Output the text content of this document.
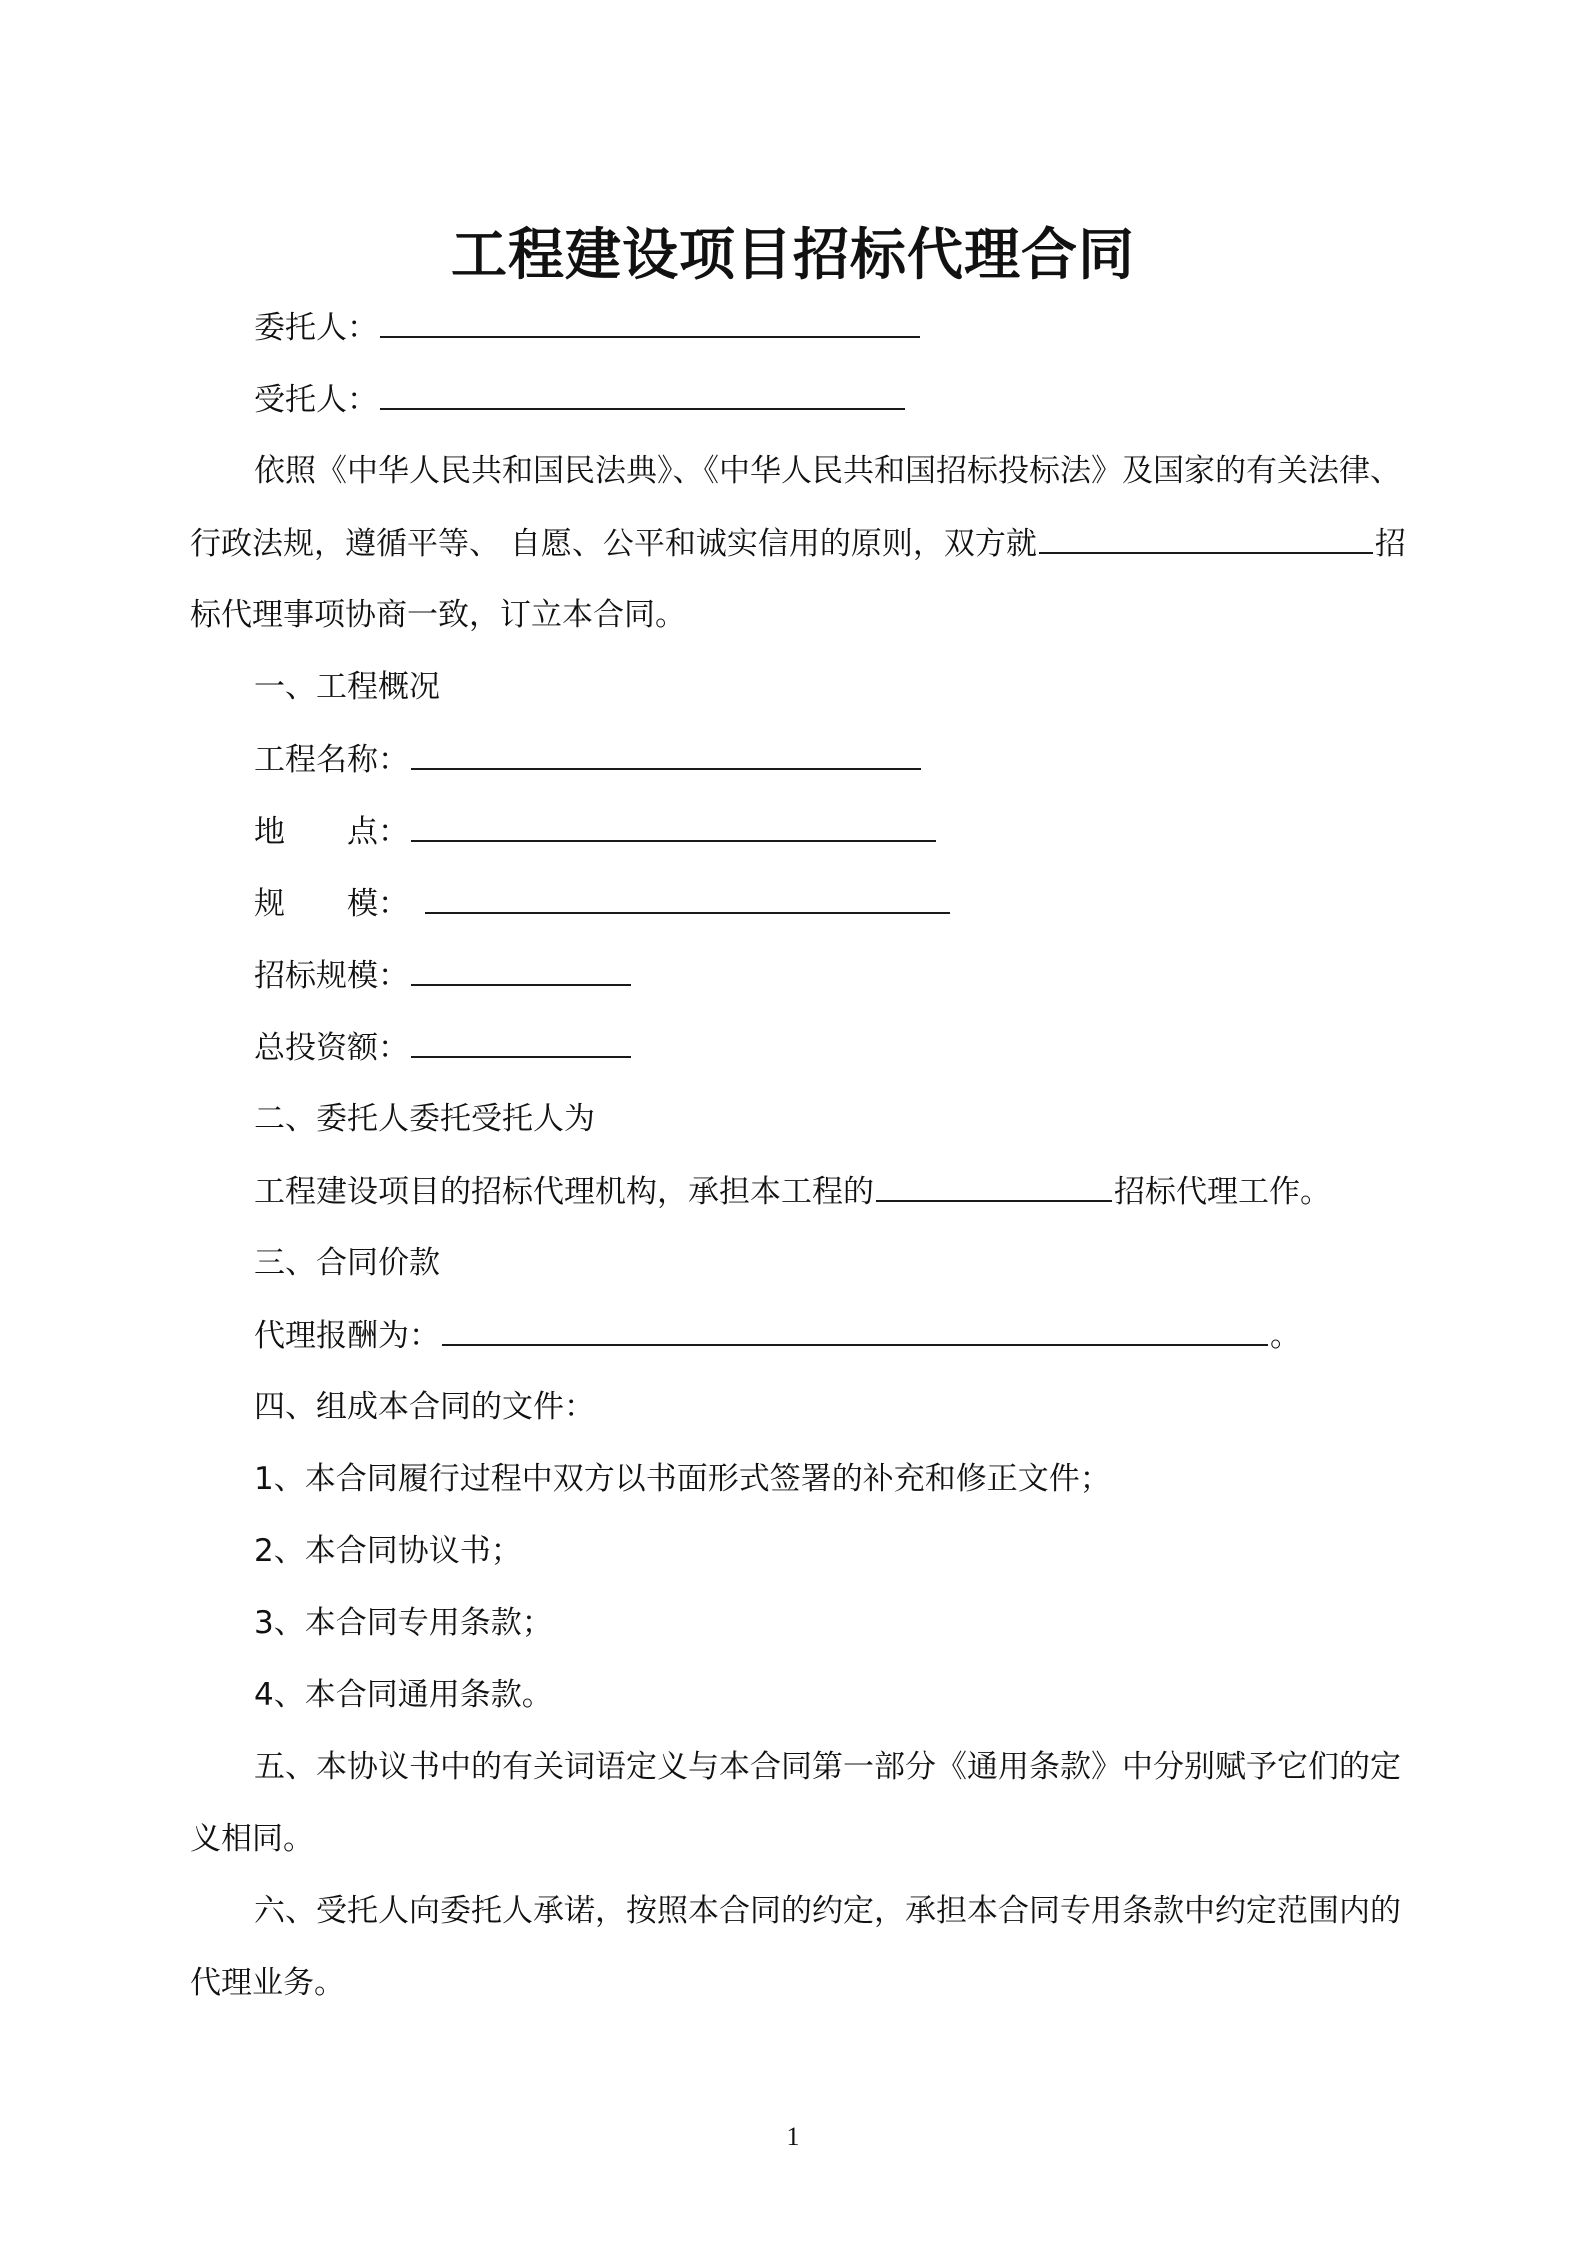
工程建设项目招标代理合同
委托人：
受托人：
依照《中华人民共和国民法典》、《中华人民共和国招标投标法》及国家的有关法律、
行政法规，遵循平等、 自愿、公平和诚实信用的原则，双方就	招
标代理事项协商一致，订立本合同。
一、工程概况
工程名称：
地 点：
规 模：
招标规模：
总投资额：
二、委托人委托受托人为
工程建设项目的招标代理机构，承担本工程的	招标代理工作。
三、合同价款
代理报酬为：	。
四、组成本合同的文件：
1、本合同履行过程中双方以书面形式签署的补充和修正文件；
2、本合同协议书；
3、本合同专用条款；
4、本合同通用条款。
五、本协议书中的有关词语定义与本合同第一部分《通用条款》中分别赋予它们的定
义相同。
六、受托人向委托人承诺，按照本合同的约定，承担本合同专用条款中约定范围内的
代理业务。
1
